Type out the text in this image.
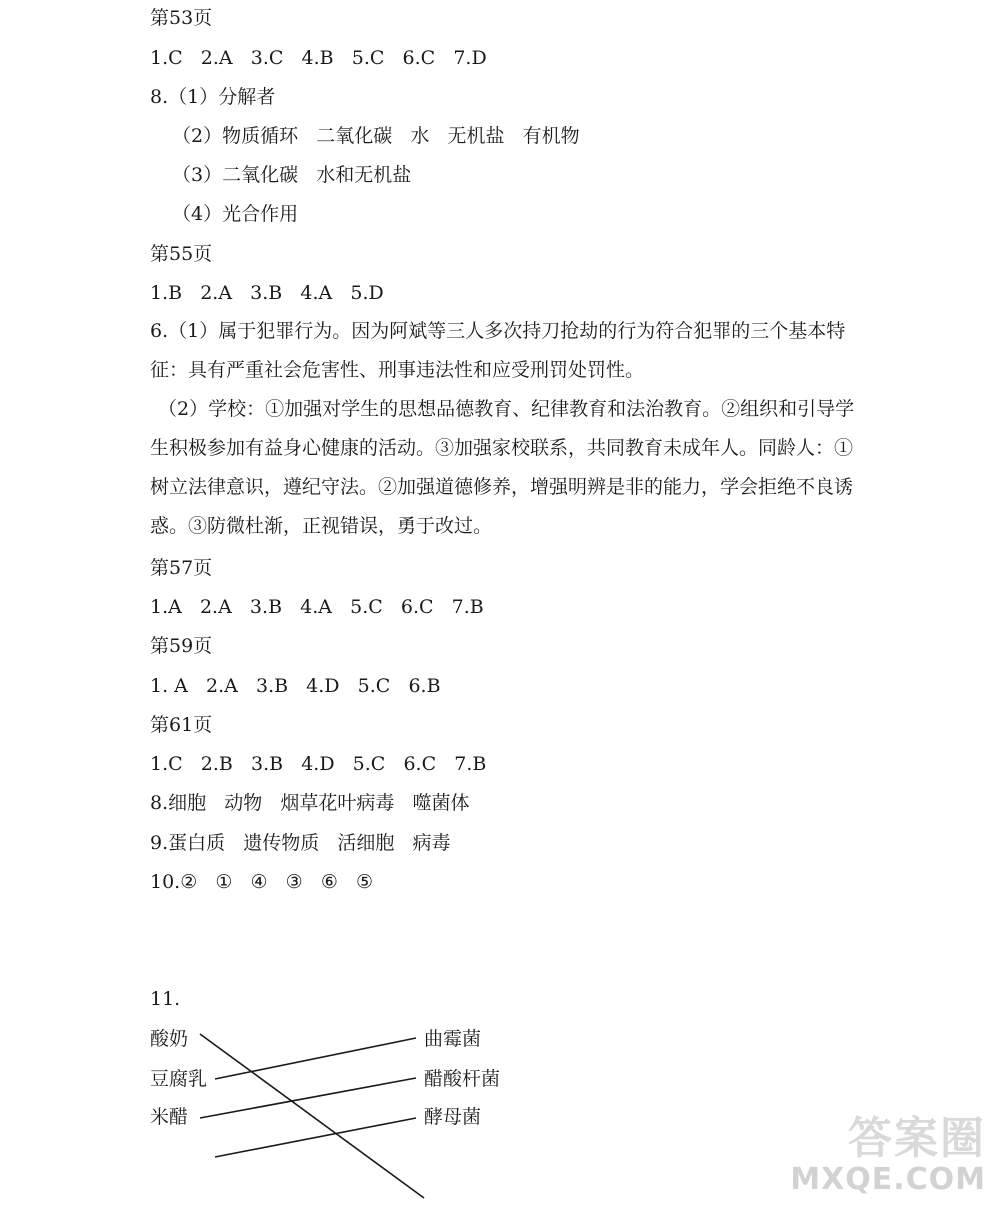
第53页
1.C   2.A   3.C   4.B   5.C   6.C   7.D
8.（1）分解者
（2）物质循环   二氧化碳   水   无机盐   有机物
（3）二氧化碳   水和无机盐
（4）光合作用
第55页
1.B   2.A   3.B   4.A   5.D
6.（1）属于犯罪行为。因为阿斌等三人多次持刀抢劫的行为符合犯罪的三个基本特征：具有严重社会危害性、刑事违法性和应受刑罚处罚性。
（2）学校：①加强对学生的思想品德教育、纪律教育和法治教育。②组织和引导学生积极参加有益身心健康的活动。③加强家校联系，共同教育未成年人。同龄人：①树立法律意识，遵纪守法。②加强道德修养，增强明辨是非的能力，学会拒绝不良诱惑。③防微杜渐，正视错误，勇于改过。
第57页
1.A   2.A   3.B   4.A   5.C   6.C   7.B
第59页
1. A   2.A   3.B   4.D   5.C   6.B
第61页
1.C   2.B   3.B   4.D   5.C   6.C   7.B
8.细胞   动物   烟草花叶病毒   噬菌体
9.蛋白质   遗传物质   活细胞   病毒
10.②   ①   ④   ③   ⑥   ⑤
11.
酸奶
豆腐乳
米醋
曲霉菌
醋酸杆菌
酵母菌	答案圈
MXQE.COM
